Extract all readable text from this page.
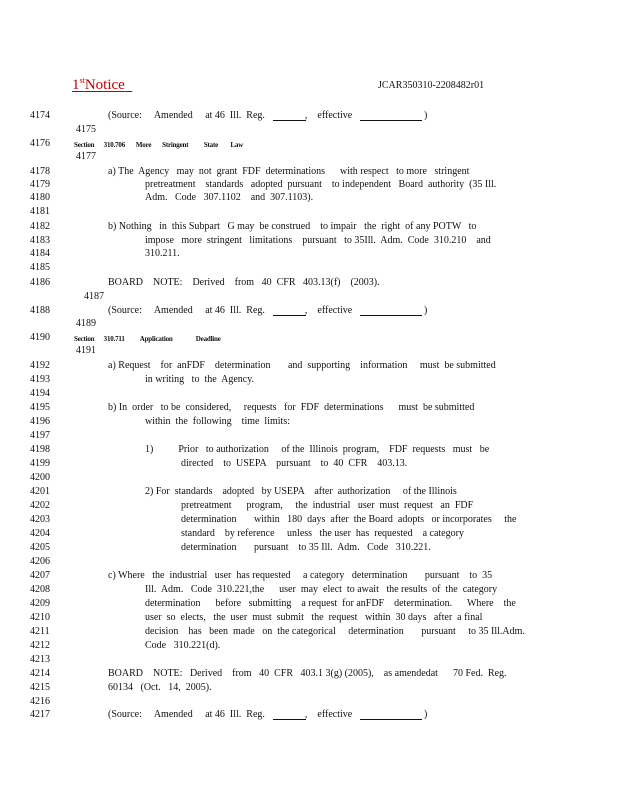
1stNotice	JCAR350310-2208482r01
4174	(Source:     Amended     at 46  Ill.  Reg.                ,    effective	)
4175
4176	Section      310.706       More       Stringent          State        Law
4177
4178	a) The  Agency   may  not  grant  FDF  determinations      with respect   to more   stringent
4179	pretreatment    standards   adopted  pursuant    to independent   Board  authority  (35 Ill.
4180	Adm.   Code   307.1102    and  307.1103).
4181
4182	b) Nothing   in  this Subpart   G may  be construed    to impair   the  right  of any POTW   to
4183	impose   more  stringent   limitations    pursuant   to 35Ill.  Adm.  Code  310.210    and
4184	310.211.
4185
4186	BOARD    NOTE:    Derived    from   40  CFR   403.13(f)    (2003).
4187
4188	(Source:     Amended     at 46  Ill.  Reg.                ,    effective	)
4189
4190	Section      310.711          Application               Deadline
4191
4192	a) Request    for  anFDF    determination       and  supporting    information     must  be submitted
4193	in writing   to  the  Agency.
4194
4195	b) In  order   to be  considered,     requests   for  FDF  determinations      must  be submitted
4196	within  the  following    time  limits:
4197
4198	1)          Prior   to authorization     of the  Illinois  program,    FDF  requests   must   be
4199	directed    to  USEPA    pursuant    to  40  CFR    403.13.
4200
4201	2) For  standards    adopted   by USEPA    after  authorization     of the Illinois
4202	pretreatment      program,     the  industrial   user  must  request   an  FDF
4203	determination       within   180  days  after  the Board  adopts   or incorporates     the
4204	standard    by reference     unless   the user  has  requested    a category
4205	determination       pursuant    to 35 Ill.  Adm.   Code   310.221.
4206
4207	c) Where   the  industrial   user  has requested     a category   determination       pursuant    to  35
4208	Ill.  Adm.   Code  310.221,the      user  may  elect  to await   the results  of  the  category
4209	determination      before   submitting    a request  for anFDF    determination.      Where    the
4210	user  so  elects,   the  user  must  submit   the  request   within  30 days   after  a final
4211	decision    has   been  made   on  the categorical     determination       pursuant     to 35 Ill.Adm.
4212	Code   310.221(d).
4213
4214	BOARD    NOTE:   Derived    from   40  CFR   403.1 3(g) (2005),    as amendedat      70 Fed.  Reg.
4215	60134   (Oct.   14,  2005).
4216
4217	(Source:     Amended     at 46  Ill.  Reg.                ,    effective	)
